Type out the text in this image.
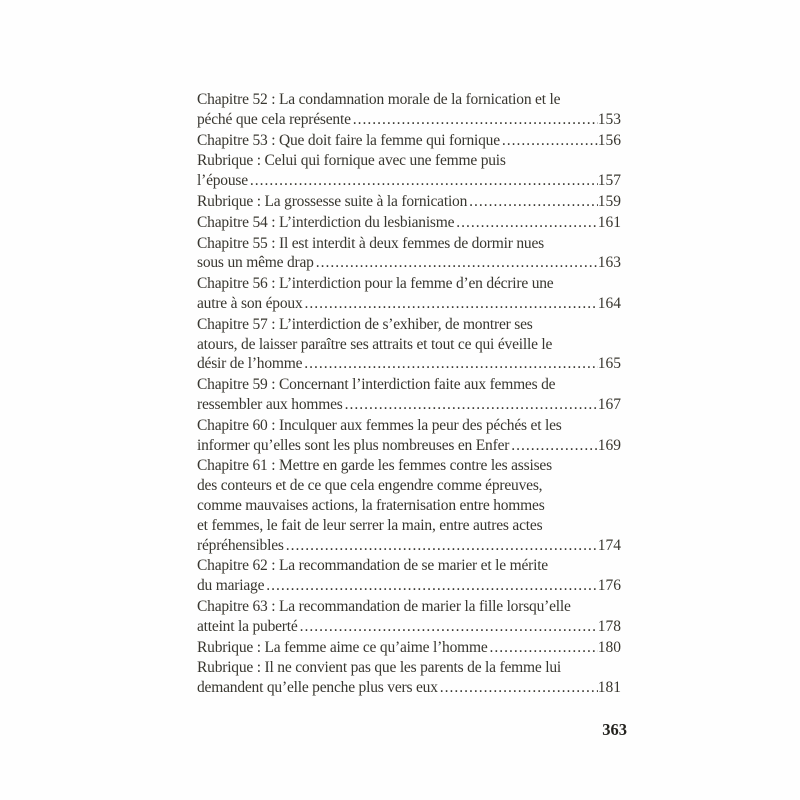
Chapitre 52 : La condamnation morale de la fornication et le
péché que cela représente .....	153
Chapitre 53 : Que doit faire la femme qui fornique .....	156
Rubrique : Celui qui fornique avec une femme puis
l’épouse .....	157
Rubrique : La grossesse suite à la fornication .....	159
Chapitre 54 : L’interdiction du lesbianisme .....	161
Chapitre 55 : Il est interdit à deux femmes de dormir nues
sous un même drap .....	163
Chapitre 56 : L’interdiction pour la femme d’en décrire une
autre à son époux .....	164
Chapitre 57 : L’interdiction de s’exhiber, de montrer ses
atours, de laisser paraître ses attraits et tout ce qui éveille le
désir de l’homme .....	165
Chapitre 59 : Concernant l’interdiction faite aux femmes de
ressembler aux hommes .....	167
Chapitre 60 : Inculquer aux femmes la peur des péchés et les
informer qu’elles sont les plus nombreuses en Enfer .....	169
Chapitre 61 : Mettre en garde les femmes contre les assises
des conteurs et de ce que cela engendre comme épreuves,
comme mauvaises actions, la fraternisation entre hommes
et femmes, le fait de leur serrer la main, entre autres actes
répréhensibles .....	174
Chapitre 62 : La recommandation de se marier et le mérite
du mariage .....	176
Chapitre 63 : La recommandation de marier la fille lorsqu’elle
atteint la puberté .....	178
Rubrique : La femme aime ce qu’aime l’homme .....	180
Rubrique : Il ne convient pas que les parents de la femme lui
demandent qu’elle penche plus vers eux .....	181
363
